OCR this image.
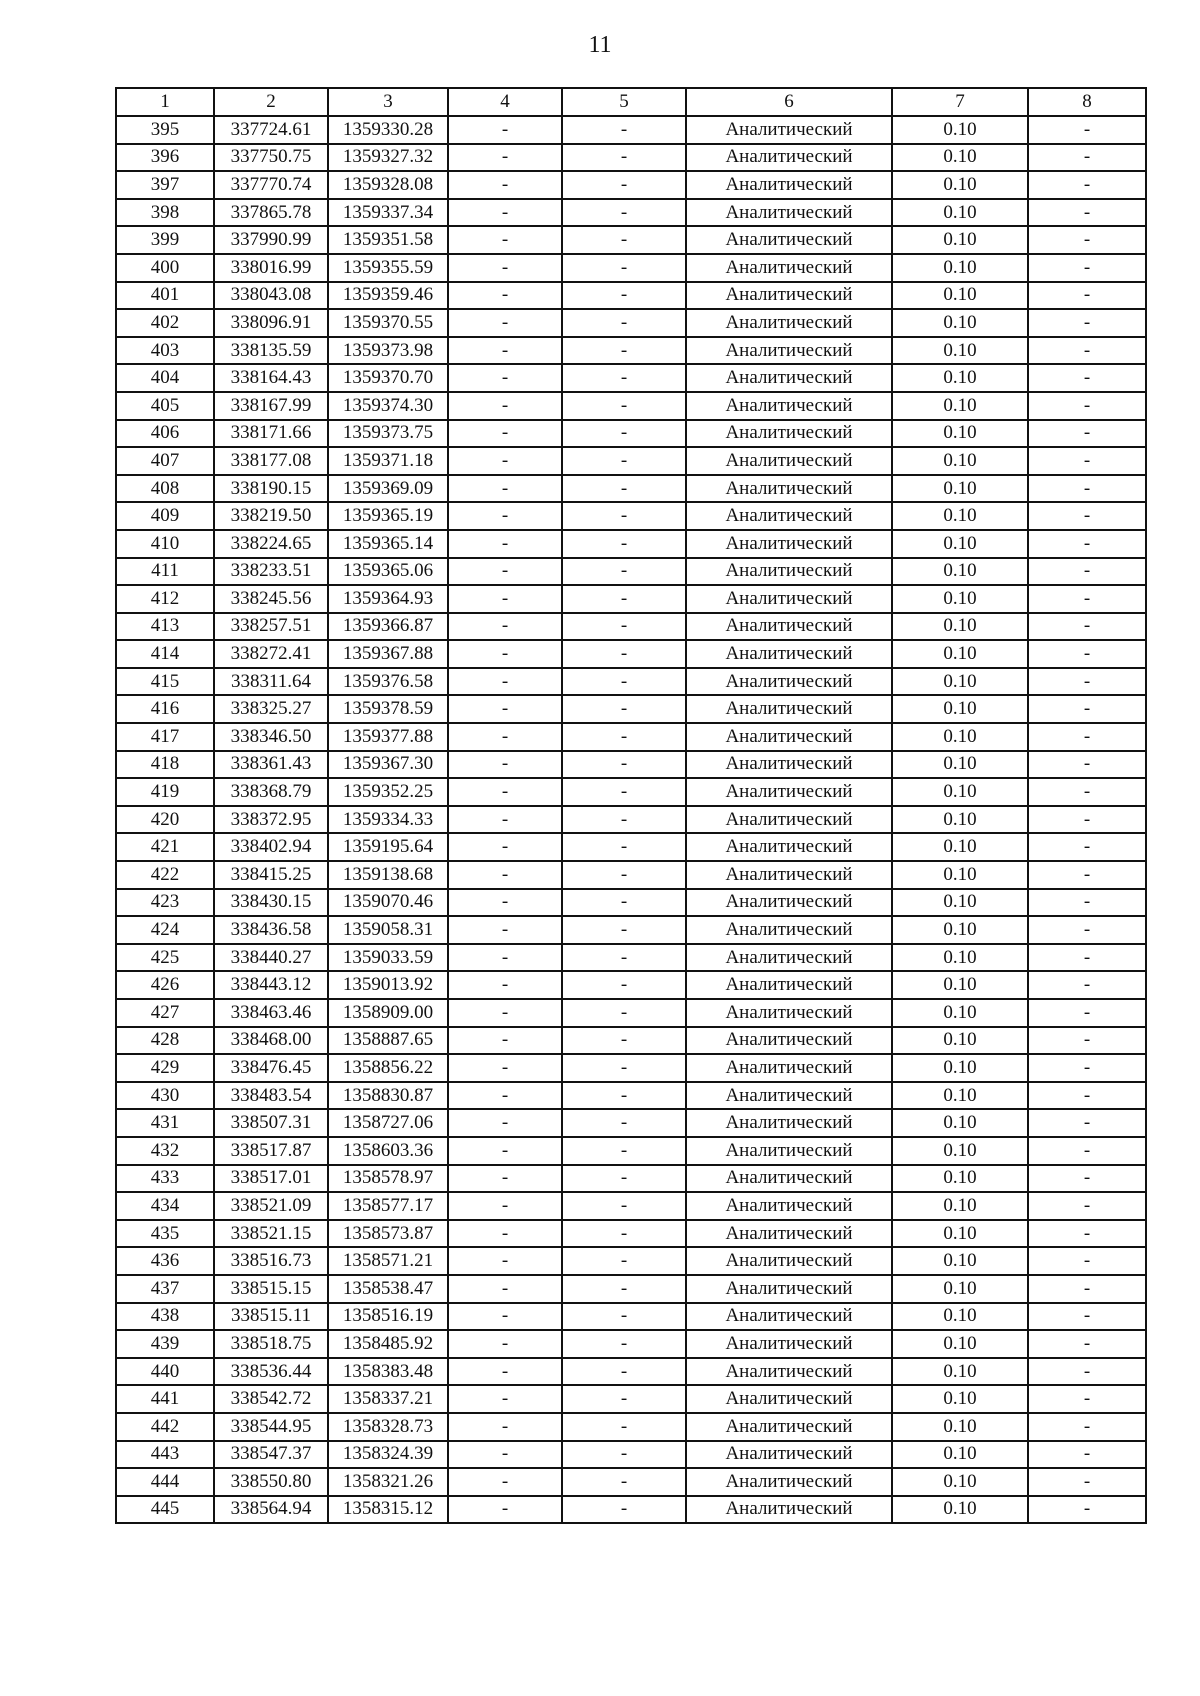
11
1	2	3	4	5	6	7	8
395	337724.61	1359330.28	-	-	Аналитический	0.10	-
396	337750.75	1359327.32	-	-	Аналитический	0.10	-
397	337770.74	1359328.08	-	-	Аналитический	0.10	-
398	337865.78	1359337.34	-	-	Аналитический	0.10	-
399	337990.99	1359351.58	-	-	Аналитический	0.10	-
400	338016.99	1359355.59	-	-	Аналитический	0.10	-
401	338043.08	1359359.46	-	-	Аналитический	0.10	-
402	338096.91	1359370.55	-	-	Аналитический	0.10	-
403	338135.59	1359373.98	-	-	Аналитический	0.10	-
404	338164.43	1359370.70	-	-	Аналитический	0.10	-
405	338167.99	1359374.30	-	-	Аналитический	0.10	-
406	338171.66	1359373.75	-	-	Аналитический	0.10	-
407	338177.08	1359371.18	-	-	Аналитический	0.10	-
408	338190.15	1359369.09	-	-	Аналитический	0.10	-
409	338219.50	1359365.19	-	-	Аналитический	0.10	-
410	338224.65	1359365.14	-	-	Аналитический	0.10	-
411	338233.51	1359365.06	-	-	Аналитический	0.10	-
412	338245.56	1359364.93	-	-	Аналитический	0.10	-
413	338257.51	1359366.87	-	-	Аналитический	0.10	-
414	338272.41	1359367.88	-	-	Аналитический	0.10	-
415	338311.64	1359376.58	-	-	Аналитический	0.10	-
416	338325.27	1359378.59	-	-	Аналитический	0.10	-
417	338346.50	1359377.88	-	-	Аналитический	0.10	-
418	338361.43	1359367.30	-	-	Аналитический	0.10	-
419	338368.79	1359352.25	-	-	Аналитический	0.10	-
420	338372.95	1359334.33	-	-	Аналитический	0.10	-
421	338402.94	1359195.64	-	-	Аналитический	0.10	-
422	338415.25	1359138.68	-	-	Аналитический	0.10	-
423	338430.15	1359070.46	-	-	Аналитический	0.10	-
424	338436.58	1359058.31	-	-	Аналитический	0.10	-
425	338440.27	1359033.59	-	-	Аналитический	0.10	-
426	338443.12	1359013.92	-	-	Аналитический	0.10	-
427	338463.46	1358909.00	-	-	Аналитический	0.10	-
428	338468.00	1358887.65	-	-	Аналитический	0.10	-
429	338476.45	1358856.22	-	-	Аналитический	0.10	-
430	338483.54	1358830.87	-	-	Аналитический	0.10	-
431	338507.31	1358727.06	-	-	Аналитический	0.10	-
432	338517.87	1358603.36	-	-	Аналитический	0.10	-
433	338517.01	1358578.97	-	-	Аналитический	0.10	-
434	338521.09	1358577.17	-	-	Аналитический	0.10	-
435	338521.15	1358573.87	-	-	Аналитический	0.10	-
436	338516.73	1358571.21	-	-	Аналитический	0.10	-
437	338515.15	1358538.47	-	-	Аналитический	0.10	-
438	338515.11	1358516.19	-	-	Аналитический	0.10	-
439	338518.75	1358485.92	-	-	Аналитический	0.10	-
440	338536.44	1358383.48	-	-	Аналитический	0.10	-
441	338542.72	1358337.21	-	-	Аналитический	0.10	-
442	338544.95	1358328.73	-	-	Аналитический	0.10	-
443	338547.37	1358324.39	-	-	Аналитический	0.10	-
444	338550.80	1358321.26	-	-	Аналитический	0.10	-
445	338564.94	1358315.12	-	-	Аналитический	0.10	-
